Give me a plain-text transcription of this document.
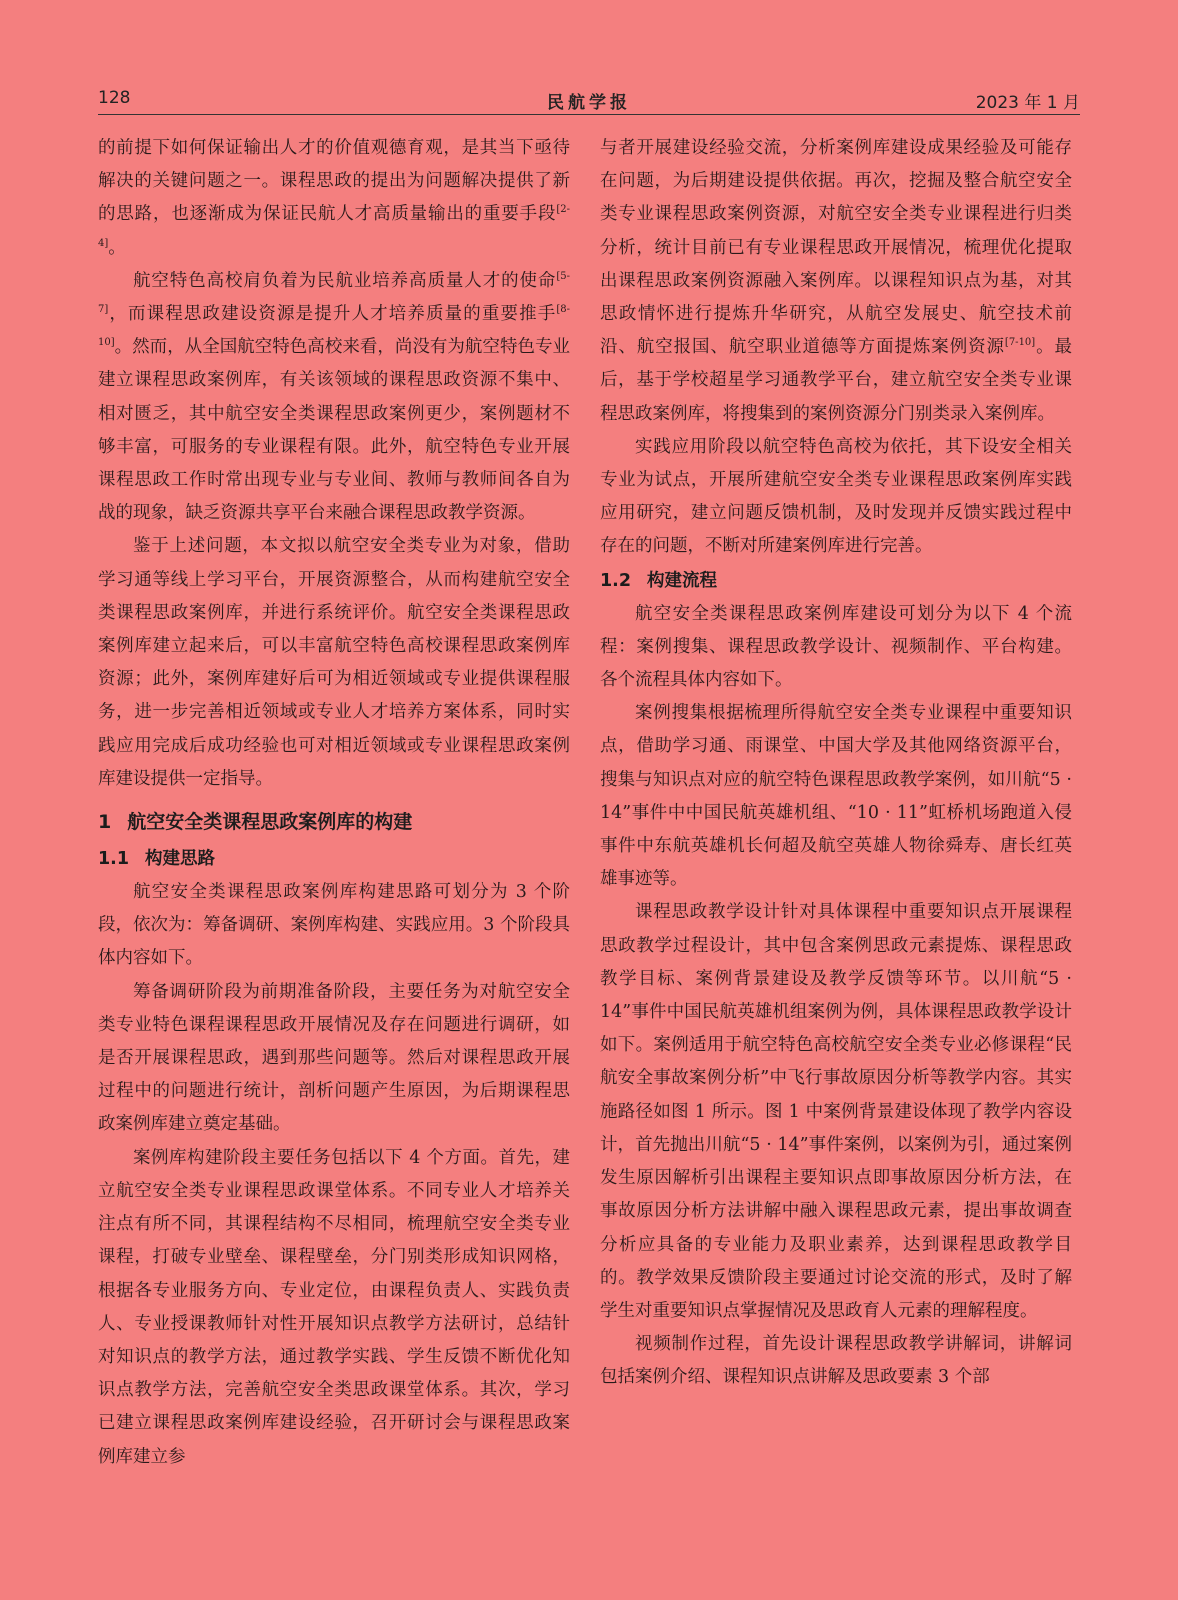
128	民航学报	2023 年 1 月

的前提下如何保证输出人才的价值观德育观，是其当下亟待解决的关键问题之一。课程思政的提出为问题解决提供了新的思路，也逐渐成为保证民航人才高质量输出的重要手段[2-4]。

航空特色高校肩负着为民航业培养高质量人才的使命[5-7]，而课程思政建设资源是提升人才培养质量的重要推手[8-10]。然而，从全国航空特色高校来看，尚没有为航空特色专业建立课程思政案例库，有关该领域的课程思政资源不集中、相对匮乏，其中航空安全类课程思政案例更少，案例题材不够丰富，可服务的专业课程有限。此外，航空特色专业开展课程思政工作时常出现专业与专业间、教师与教师间各自为战的现象，缺乏资源共享平台来融合课程思政教学资源。

鉴于上述问题，本文拟以航空安全类专业为对象，借助学习通等线上学习平台，开展资源整合，从而构建航空安全类课程思政案例库，并进行系统评价。航空安全类课程思政案例库建立起来后，可以丰富航空特色高校课程思政案例库资源；此外，案例库建好后可为相近领域或专业提供课程服务，进一步完善相近领域或专业人才培养方案体系，同时实践应用完成后成功经验也可对相近领域或专业课程思政案例库建设提供一定指导。

1 航空安全类课程思政案例库的构建
1.1 构建思路

航空安全类课程思政案例库构建思路可划分为 3 个阶段，依次为：筹备调研、案例库构建、实践应用。3 个阶段具体内容如下。

筹备调研阶段为前期准备阶段，主要任务为对航空安全类专业特色课程课程思政开展情况及存在问题进行调研，如是否开展课程思政，遇到那些问题等。然后对课程思政开展过程中的问题进行统计，剖析问题产生原因，为后期课程思政案例库建立奠定基础。

案例库构建阶段主要任务包括以下 4 个方面。首先，建立航空安全类专业课程思政课堂体系。不同专业人才培养关注点有所不同，其课程结构不尽相同，梳理航空安全类专业课程，打破专业壁垒、课程壁垒，分门别类形成知识网格，根据各专业服务方向、专业定位，由课程负责人、实践负责人、专业授课教师针对性开展知识点教学方法研讨，总结针对知识点的教学方法，通过教学实践、学生反馈不断优化知识点教学方法，完善航空安全类思政课堂体系。其次，学习已建立课程思政案例库建设经验，召开研讨会与课程思政案例库建立参

与者开展建设经验交流，分析案例库建设成果经验及可能存在问题，为后期建设提供依据。再次，挖掘及整合航空安全类专业课程思政案例资源，对航空安全类专业课程进行归类分析，统计目前已有专业课程思政开展情况，梳理优化提取出课程思政案例资源融入案例库。以课程知识点为基，对其思政情怀进行提炼升华研究，从航空发展史、航空技术前沿、航空报国、航空职业道德等方面提炼案例资源[7-10]。最后，基于学校超星学习通教学平台，建立航空安全类专业课程思政案例库，将搜集到的案例资源分门别类录入案例库。

实践应用阶段以航空特色高校为依托，其下设安全相关专业为试点，开展所建航空安全类专业课程思政案例库实践应用研究，建立问题反馈机制，及时发现并反馈实践过程中存在的问题，不断对所建案例库进行完善。

1.2 构建流程

航空安全类课程思政案例库建设可划分为以下 4 个流程：案例搜集、课程思政教学设计、视频制作、平台构建。各个流程具体内容如下。

案例搜集根据梳理所得航空安全类专业课程中重要知识点，借助学习通、雨课堂、中国大学及其他网络资源平台，搜集与知识点对应的航空特色课程思政教学案例，如川航“5 · 14”事件中中国民航英雄机组、“10 · 11”虹桥机场跑道入侵事件中东航英雄机长何超及航空英雄人物徐舜寿、唐长红英雄事迹等。

课程思政教学设计针对具体课程中重要知识点开展课程思政教学过程设计，其中包含案例思政元素提炼、课程思政教学目标、案例背景建设及教学反馈等环节。以川航“5 · 14”事件中国民航英雄机组案例为例，具体课程思政教学设计如下。案例适用于航空特色高校航空安全类专业必修课程“民航安全事故案例分析”中飞行事故原因分析等教学内容。其实施路径如图 1 所示。图 1 中案例背景建设体现了教学内容设计，首先抛出川航“5 · 14”事件案例，以案例为引，通过案例发生原因解析引出课程主要知识点即事故原因分析方法，在事故原因分析方法讲解中融入课程思政元素，提出事故调查分析应具备的专业能力及职业素养，达到课程思政教学目的。教学效果反馈阶段主要通过讨论交流的形式，及时了解学生对重要知识点掌握情况及思政育人元素的理解程度。

视频制作过程，首先设计课程思政教学讲解词，讲解词包括案例介绍、课程知识点讲解及思政要素 3 个部
